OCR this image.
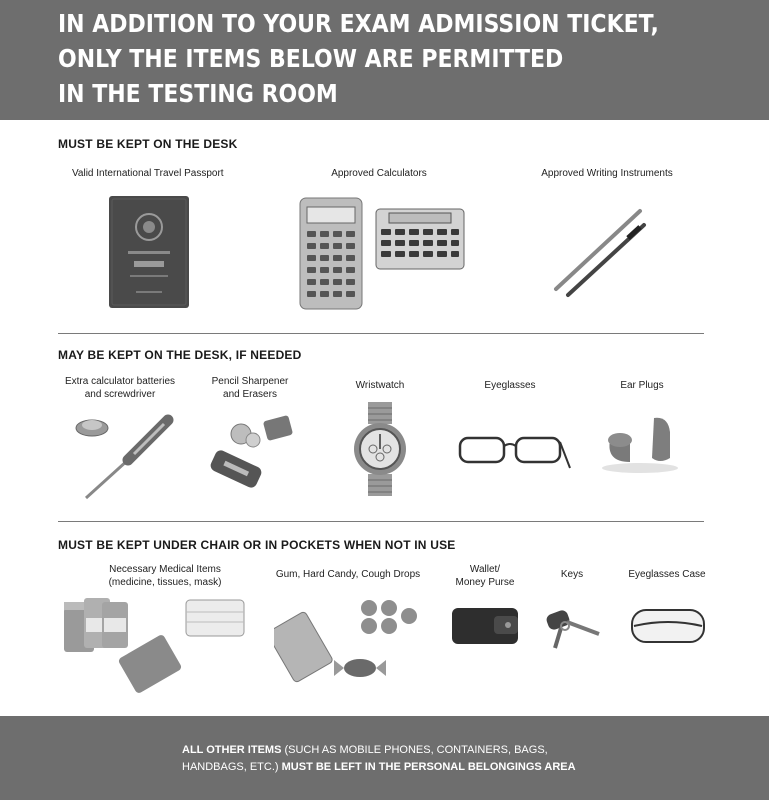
IN ADDITION TO YOUR EXAM ADMISSION TICKET,
ONLY THE ITEMS BELOW ARE PERMITTED
IN THE TESTING ROOM
MUST BE KEPT ON THE DESK
Valid International Travel Passport	Approved Calculators	Approved Writing Instruments
MAY BE KEPT ON THE DESK, IF NEEDED
Extra calculator batteries
and screwdriver
Pencil Sharpener
and Erasers
Wristwatch	Eyeglasses	Ear Plugs
MUST BE KEPT UNDER CHAIR OR IN POCKETS WHEN NOT IN USE
Necessary Medical Items
(medicine, tissues, mask)
Gum, Hard Candy, Cough Drops	Wallet/
Money Purse
Keys	Eyeglasses Case
ALL OTHER ITEMS (SUCH AS MOBILE PHONES, CONTAINERS, BAGS,
HANDBAGS, ETC.) MUST BE LEFT IN THE PERSONAL BELONGINGS AREA
